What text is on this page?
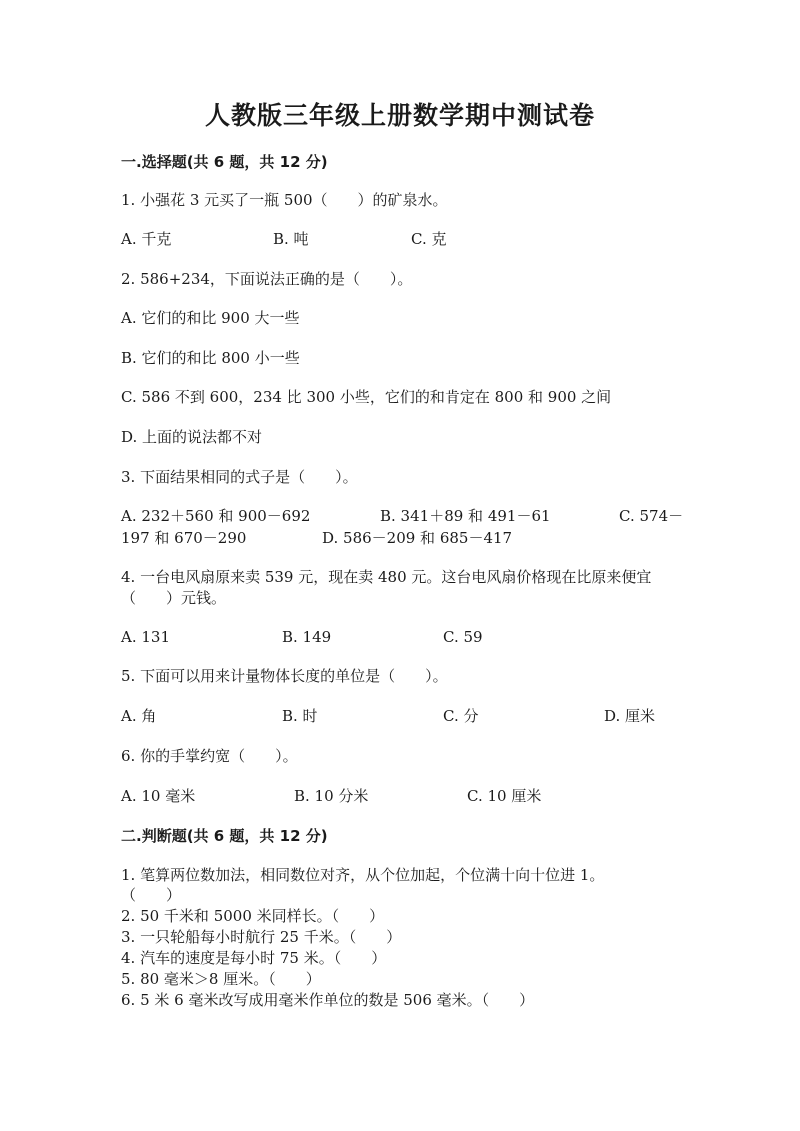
人教版三年级上册数学期中测试卷
一.选择题(共 6 题，共 12 分)
1. 小强花 3 元买了一瓶 500（　　）的矿泉水。
A. 千克	B. 吨	C. 克
2. 586+234，下面说法正确的是（　　）。
A. 它们的和比 900 大一些
B. 它们的和比 800 小一些
C. 586 不到 600，234 比 300 小些，它们的和肯定在 800 和 900 之间
D. 上面的说法都不对
3. 下面结果相同的式子是（　　）。
A. 232＋560 和 900－692	B. 341＋89 和 491－61	C. 574－
197 和 670－290	D. 586－209 和 685－417
4. 一台电风扇原来卖 539 元，现在卖 480 元。这台电风扇价格现在比原来便宜
（　　）元钱。
A. 131	B. 149	C. 59
5. 下面可以用来计量物体长度的单位是（　　）。
A. 角	B. 时	C. 分	D. 厘米
6. 你的手掌约宽（　　）。
A. 10 毫米	B. 10 分米	C. 10 厘米
二.判断题(共 6 题，共 12 分)
1. 笔算两位数加法，相同数位对齐，从个位加起，个位满十向十位进 1。
（　　）
2. 50 千米和 5000 米同样长。（　　）
3. 一只轮船每小时航行 25 千米。（　　）
4. 汽车的速度是每小时 75 米。（　　）
5. 80 毫米＞8 厘米。（　　）
6. 5 米 6 毫米改写成用毫米作单位的数是 506 毫米。（　　）
